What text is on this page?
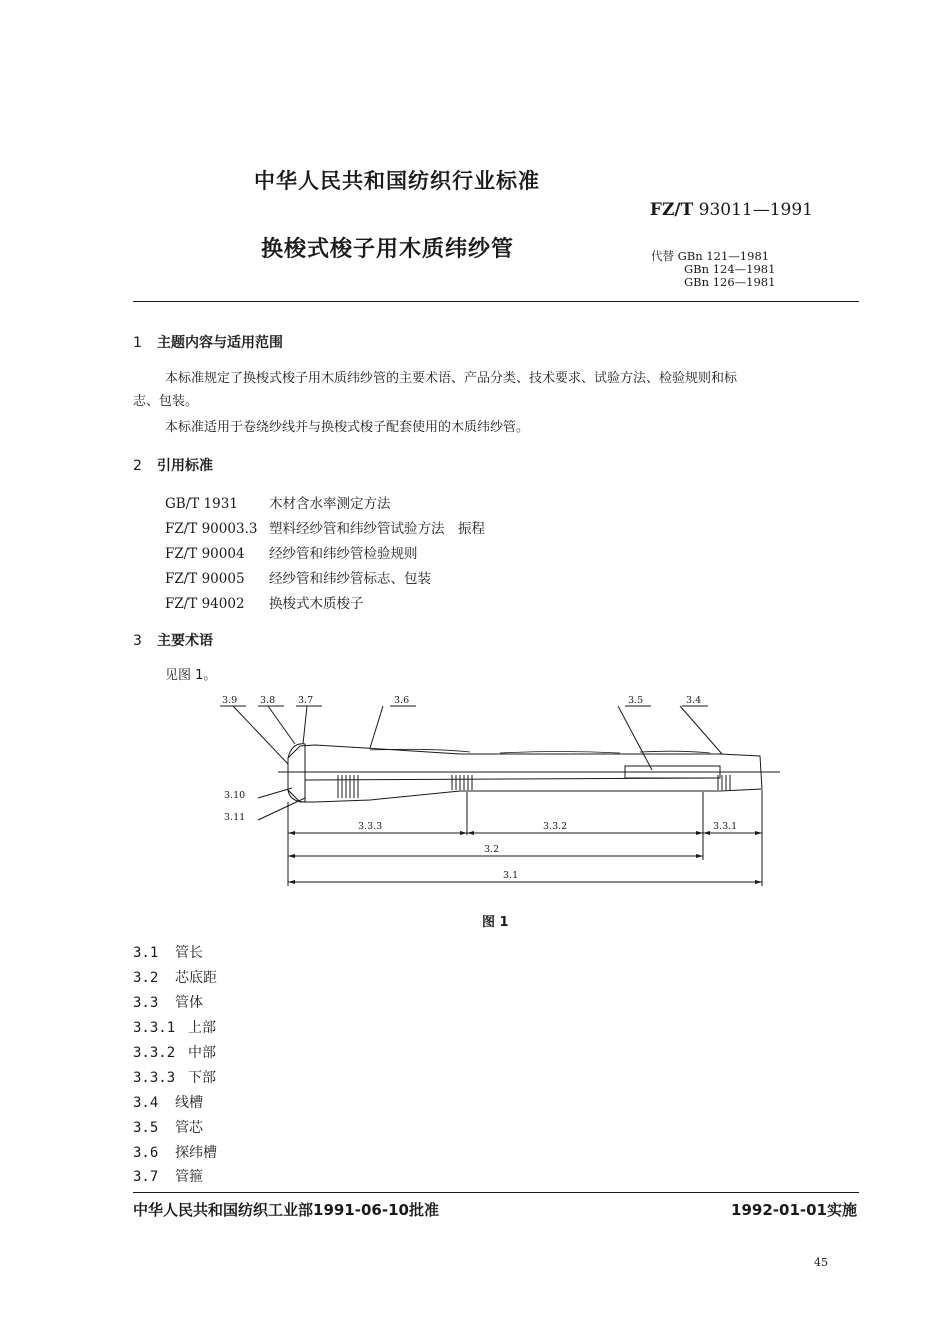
中华人民共和国纺织行业标准
FZ/T 93011—1991
换梭式梭子用木质纬纱管	代替 GBn 121—1981
GBn 124—1981
GBn 126—1981
1 主题内容与适用范围
本标准规定了换梭式梭子用木质纬纱管的主要术语、产品分类、技术要求、试验方法、检验规则和标
志、包装。
本标准适用于卷绕纱线并与换梭式梭子配套使用的木质纬纱管。
2 引用标准
GB/T 1931 木材含水率测定方法
FZ/T 90003.3 塑料经纱管和纬纱管试验方法　振程
FZ/T 90004 经纱管和纬纱管检验规则
FZ/T 90005 经纱管和纬纱管标志、包装
FZ/T 94002 换梭式木质梭子
3 主要术语
见图 1。
3.9 3.8 3.7	3.6	3.5	3.4
3.10
3.11
3.3.3	3.3.2	3.3.1
3.2
3.1
图 1
3.1 管长
3.2 芯底距
3.3 管体
3.3.1 上部
3.3.2 中部
3.3.3 下部
3.4 线槽
3.5 管芯
3.6 探纬槽
3.7 管箍
中华人民共和国纺织工业部1991-06-10批准	1992-01-01实施
45
